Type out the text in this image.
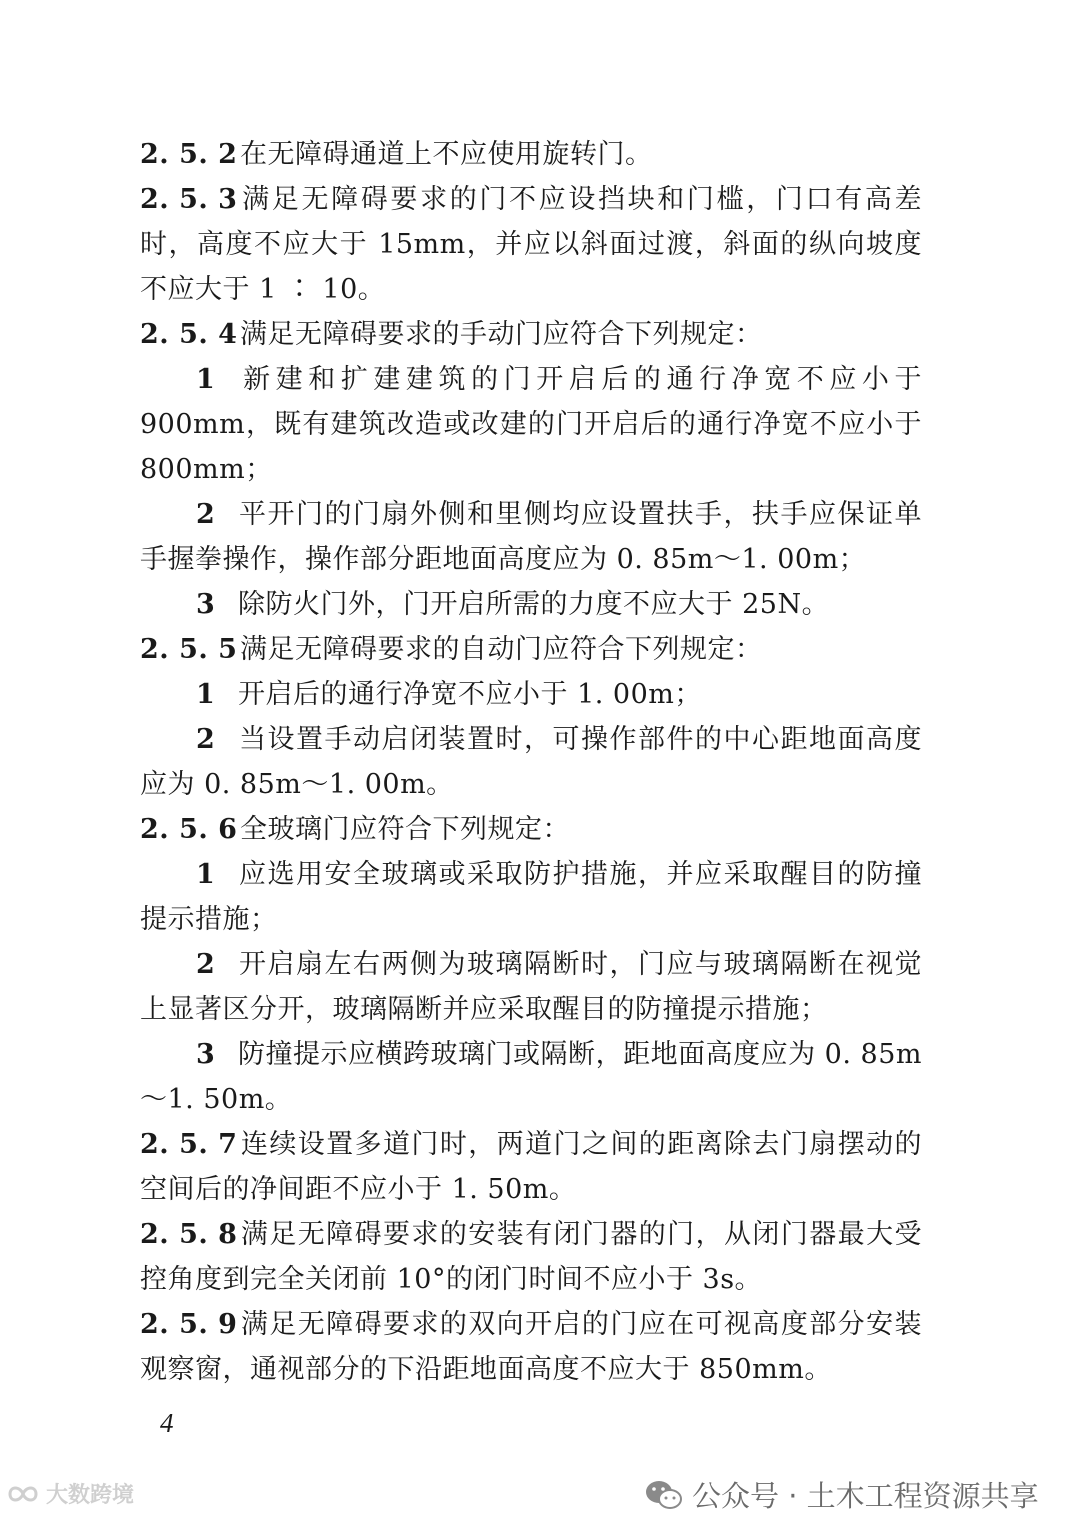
2. 5. 2在无障碍通道上不应使用旋转门。

2. 5. 3满足无障碍要求的门不应设挡块和门槛，门口有高差时，高度不应大于 15mm，并应以斜面过渡，斜面的纵向坡度不应大于 1 ∶ 10。

2. 5. 4满足无障碍要求的手动门应符合下列规定：

1 新建和扩建建筑的门开启后的通行净宽不应小于 900mm，既有建筑改造或改建的门开启后的通行净宽不应小于 800mm；

2 平开门的门扇外侧和里侧均应设置扶手，扶手应保证单手握拳操作，操作部分距地面高度应为 0. 85m～1. 00m；

3 除防火门外，门开启所需的力度不应大于 25N。

2. 5. 5满足无障碍要求的自动门应符合下列规定：

1 开启后的通行净宽不应小于 1. 00m；

2 当设置手动启闭装置时，可操作部件的中心距地面高度应为 0. 85m～1. 00m。

2. 5. 6全玻璃门应符合下列规定：

1 应选用安全玻璃或采取防护措施，并应采取醒目的防撞提示措施；

2 开启扇左右两侧为玻璃隔断时，门应与玻璃隔断在视觉上显著区分开，玻璃隔断并应采取醒目的防撞提示措施；

3 防撞提示应横跨玻璃门或隔断，距地面高度应为 0. 85m～1. 50m。

2. 5. 7连续设置多道门时，两道门之间的距离除去门扇摆动的空间后的净间距不应小于 1. 50m。

2. 5. 8满足无障碍要求的安装有闭门器的门，从闭门器最大受控角度到完全关闭前 10°的闭门时间不应小于 3s。

2. 5. 9满足无障碍要求的双向开启的门应在可视高度部分安装观察窗，通视部分的下沿距地面高度不应大于 850mm。

4
大数跨境	公众号 · 土木工程资源共享
